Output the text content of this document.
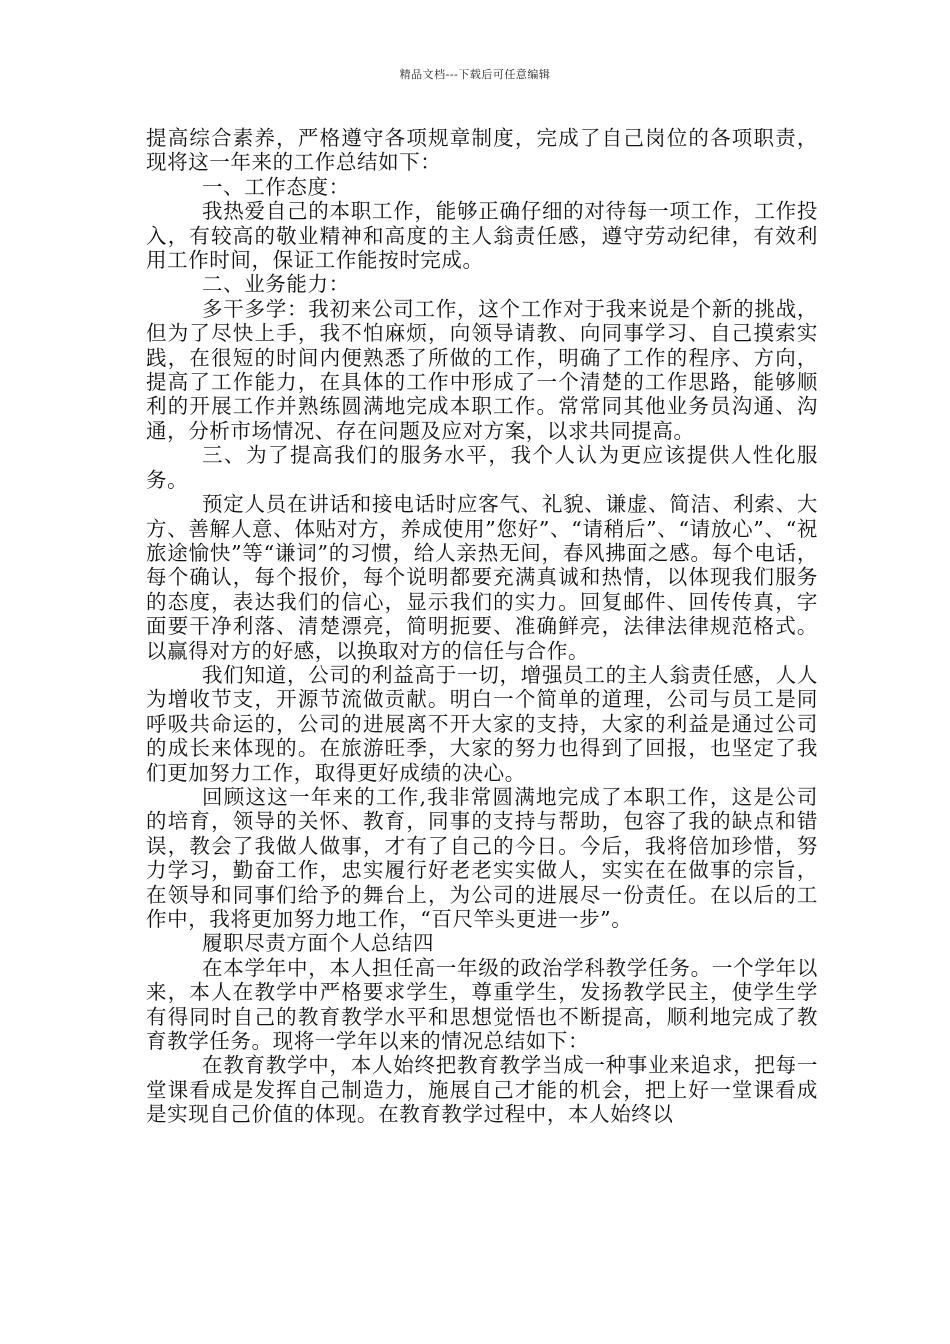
精品文档---下载后可任意编辑

提高综合素养，严格遵守各项规章制度，完成了自己岗位的各项职责，现将这一年来的工作总结如下：

一、工作态度：

我热爱自己的本职工作，能够正确仔细的对待每一项工作，工作投入，有较高的敬业精神和高度的主人翁责任感，遵守劳动纪律，有效利用工作时间，保证工作能按时完成。

二、业务能力：

多干多学：我初来公司工作，这个工作对于我来说是个新的挑战，但为了尽快上手，我不怕麻烦，向领导请教、向同事学习、自己摸索实践，在很短的时间内便熟悉了所做的工作，明确了工作的程序、方向，提高了工作能力，在具体的工作中形成了一个清楚的工作思路，能够顺利的开展工作并熟练圆满地完成本职工作。常常同其他业务员沟通、沟通，分析市场情况、存在问题及应对方案，以求共同提高。

三、为了提高我们的服务水平，我个人认为更应该提供人性化服务。

预定人员在讲话和接电话时应客气、礼貌、谦虚、简洁、利索、大方、善解人意、体贴对方，养成使用”您好”、“请稍后”、“请放心”、“祝旅途愉快”等“谦词”的习惯，给人亲热无间，春风拂面之感。每个电话，每个确认，每个报价，每个说明都要充满真诚和热情，以体现我们服务的态度，表达我们的信心，显示我们的实力。回复邮件、回传传真，字面要干净利落、清楚漂亮，简明扼要、准确鲜亮，法律法律规范格式。以赢得对方的好感，以换取对方的信任与合作。

我们知道，公司的利益高于一切，增强员工的主人翁责任感，人人为增收节支，开源节流做贡献。明白一个简单的道理，公司与员工是同呼吸共命运的，公司的进展离不开大家的支持，大家的利益是通过公司的成长来体现的。在旅游旺季，大家的努力也得到了回报，也坚定了我们更加努力工作，取得更好成绩的决心。

回顾这这一年来的工作,我非常圆满地完成了本职工作，这是公司的培育，领导的关怀、教育，同事的支持与帮助，包容了我的缺点和错误，教会了我做人做事，才有了自己的今日。今后，我将倍加珍惜，努力学习，勤奋工作，忠实履行好老老实实做人，实实在在做事的宗旨，在领导和同事们给予的舞台上，为公司的进展尽一份责任。在以后的工作中，我将更加努力地工作，“百尺竿头更进一步”。

履职尽责方面个人总结四

在本学年中，本人担任高一年级的政治学科教学任务。一个学年以来，本人在教学中严格要求学生，尊重学生，发扬教学民主，使学生学有得同时自己的教育教学水平和思想觉悟也不断提高，顺利地完成了教育教学任务。现将一学年以来的情况总结如下：

在教育教学中，本人始终把教育教学当成一种事业来追求，把每一堂课看成是发挥自己制造力，施展自己才能的机会，把上好一堂课看成是实现自己价值的体现。在教育教学过程中，本人始终以
